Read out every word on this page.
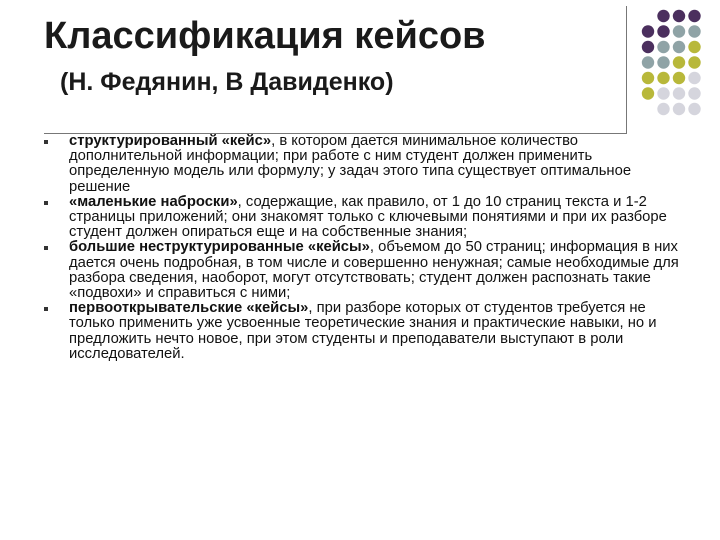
Классификация кейсов
(Н. Федянин, В Давиденко)
структурированный «кейс», в котором дается минимальное количество дополнительной информации; при работе с ним студент должен применить определенную модель или формулу; у задач этого типа существует оптимальное решение
«маленькие наброски», содержащие, как правило, от 1 до 10 страниц текста и 1-2 страницы приложений; они знакомят только с ключевыми понятиями и при их разборе студент должен опираться еще и на собственные знания;
большие неструктурированные «кейсы», объемом до 50 страниц; информация в них дается очень подробная, в том числе и совершенно ненужная; самые необходимые для разбора сведения, наоборот, могут отсутствовать; студент должен распознать такие «подвохи» и справиться с ними;
первооткрывательские «кейсы», при разборе которых от студентов требуется не только применить уже усвоенные теоретические знания и практические навыки, но и предложить нечто новое, при этом студенты и преподаватели выступают в роли исследователей.
